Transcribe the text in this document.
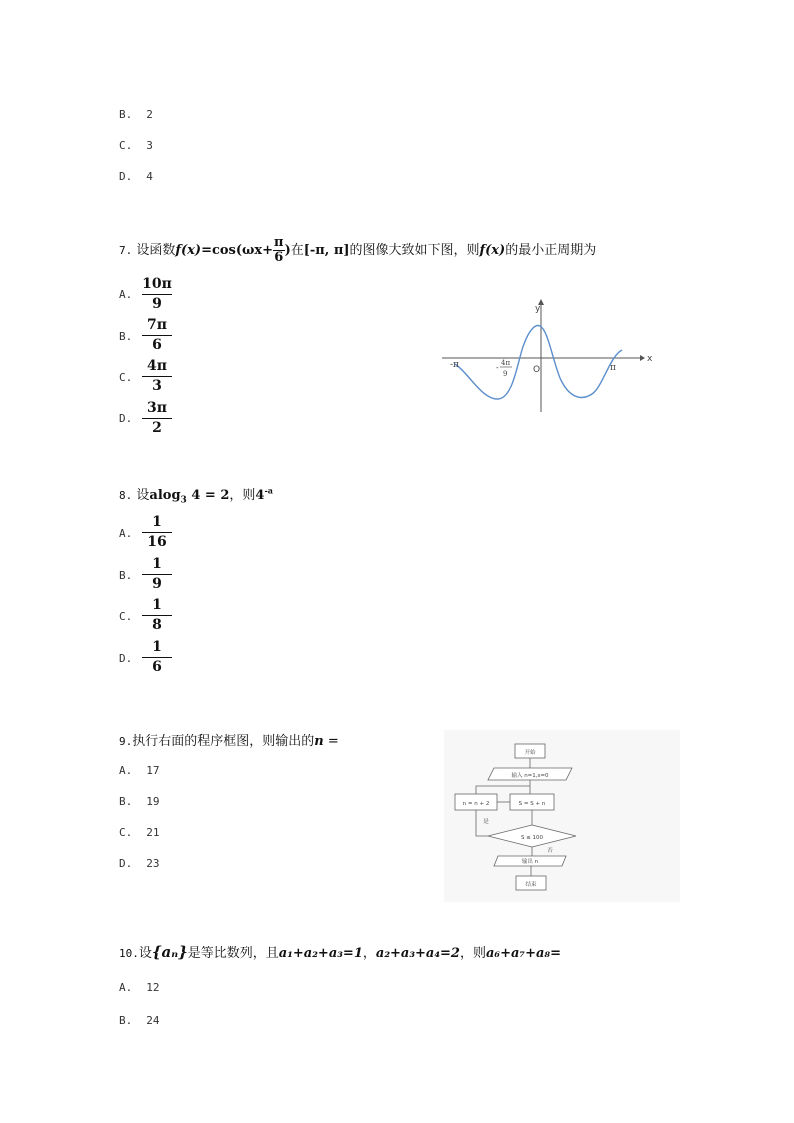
B. 2
C. 3
D. 4
7. 设函数$f(x)=\cos(\omega x+ \frac{\pi}{6}$ )在[-π, π]的图像大致如下图，则f(x)的最小正周期为
A.
10π
9
B.
7π
6
C.
4π
3
D.
3π
2
y
x
O
-π	π
- 4π
9
8. 设alog$_3$ 4 = 2，则$4^{-a}$
A.
1
16
B.
1
9
C.
1
8
D.
1
6
9.执行右面的程序框图，则输出的n =
A. 17
B. 19
C. 21
D. 23
开始
输入 n=1,s=0
S = S + n
n = n + 2
S ≤ 100
是
否
输出 n
结束
10.设{aₙ}是等比数列，且a₁+a₂+a₃=1，a₂+a₃+a₄=2，则a₆+a₇+a₈=
A. 12
B. 24
